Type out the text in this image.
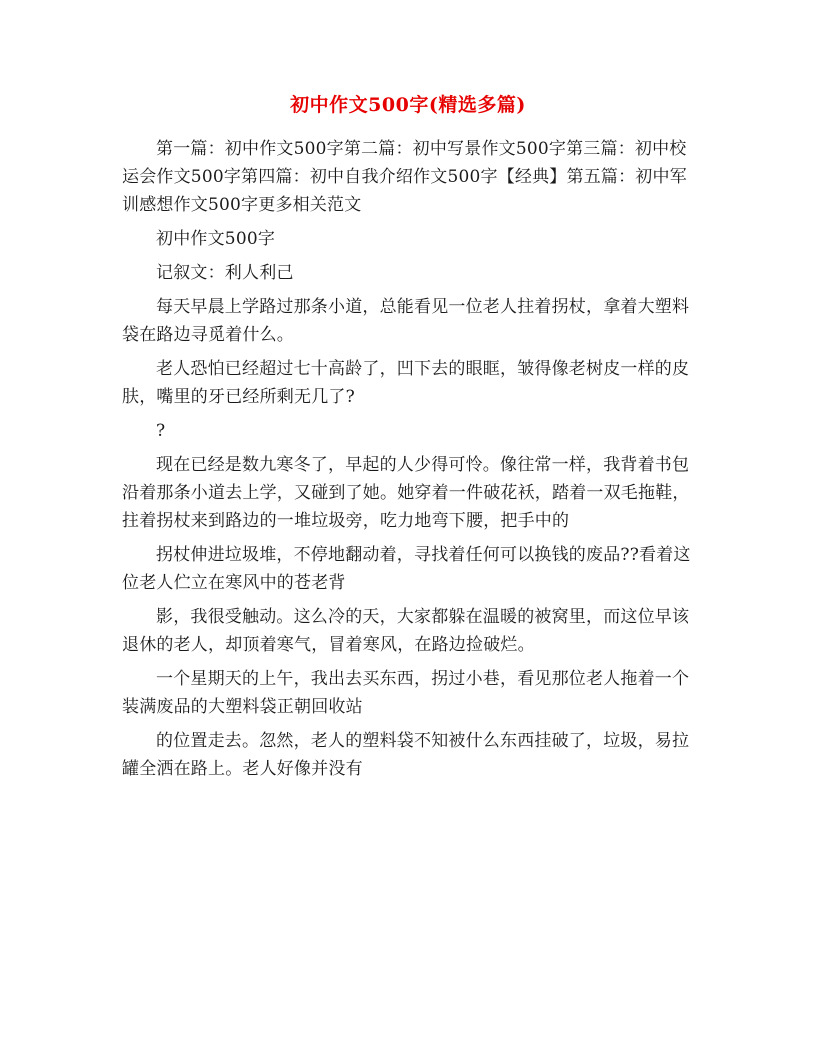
初中作文500字(精选多篇)

第一篇：初中作文500字第二篇：初中写景作文500字第三篇：初中校运会作文500字第四篇：初中自我介绍作文500字【经典】第五篇：初中军训感想作文500字更多相关范文

初中作文500字

记叙文：利人利己

每天早晨上学路过那条小道，总能看见一位老人拄着拐杖，拿着大塑料袋在路边寻觅着什么。

老人恐怕已经超过七十高龄了，凹下去的眼眶，皱得像老树皮一样的皮肤，嘴里的牙已经所剩无几了?

?

现在已经是数九寒冬了，早起的人少得可怜。像往常一样，我背着书包沿着那条小道去上学，又碰到了她。她穿着一件破花袄，踏着一双毛拖鞋，拄着拐杖来到路边的一堆垃圾旁，吃力地弯下腰，把手中的

拐杖伸进垃圾堆，不停地翻动着，寻找着任何可以换钱的废品??看着这位老人伫立在寒风中的苍老背

影，我很受触动。这么冷的天，大家都躲在温暖的被窝里，而这位早该退休的老人，却顶着寒气，冒着寒风，在路边捡破烂。

一个星期天的上午，我出去买东西，拐过小巷，看见那位老人拖着一个装满废品的大塑料袋正朝回收站

的位置走去。忽然，老人的塑料袋不知被什么东西挂破了，垃圾，易拉罐全洒在路上。老人好像并没有
